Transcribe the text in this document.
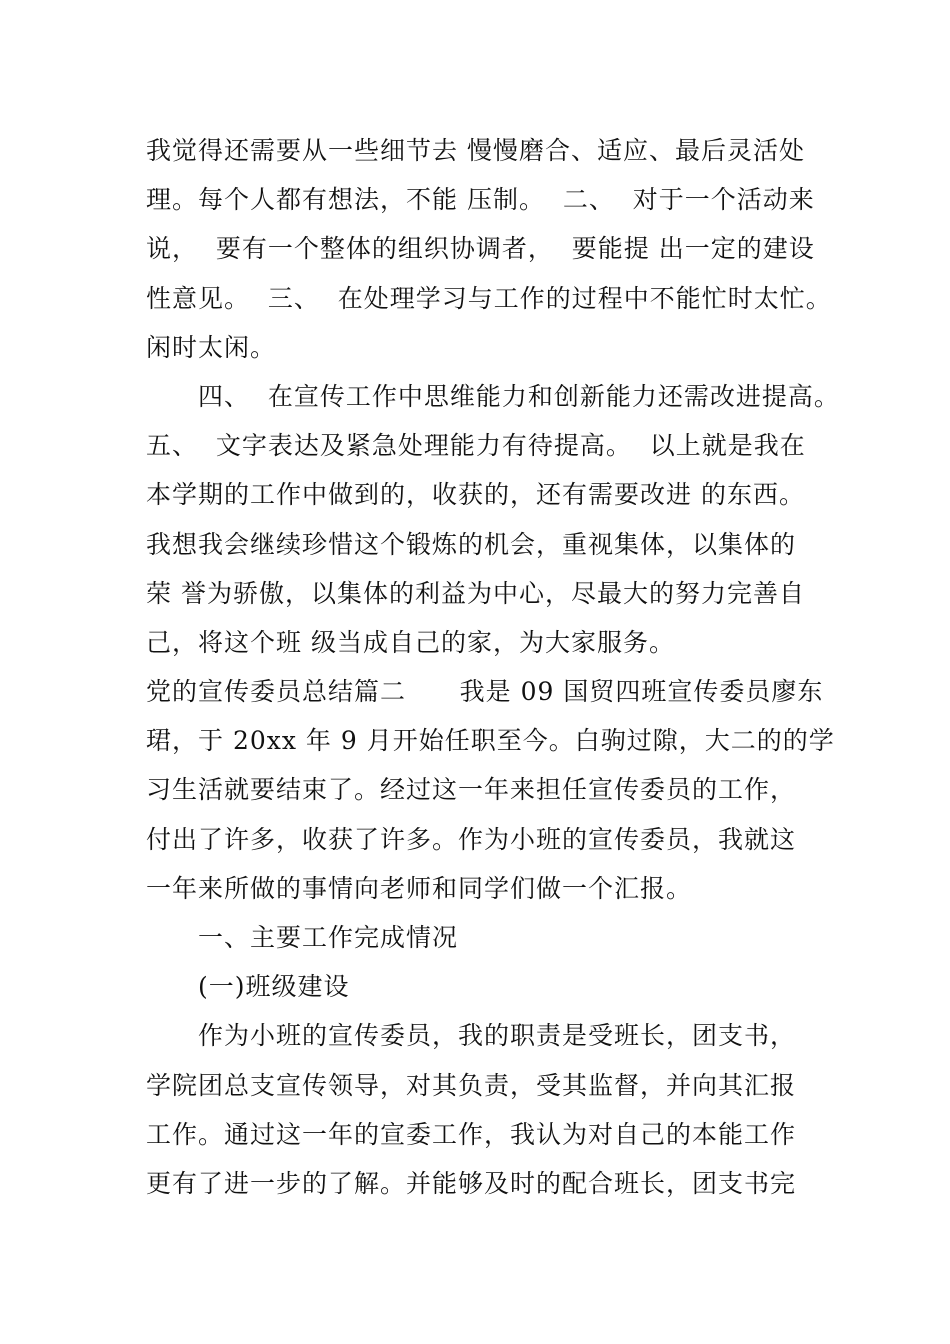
我觉得还需要从一些细节去 慢慢磨合、适应、最后灵活处
理。每个人都有想法，不能 压制。  二、  对于一个活动来
说，  要有一个整体的组织协调者，  要能提 出一定的建设
性意见。  三、  在处理学习与工作的过程中不能忙时太忙。
闲时太闲。
四、  在宣传工作中思维能力和创新能力还需改进提高。
五、  文字表达及紧急处理能力有待提高。  以上就是我在
本学期的工作中做到的，收获的，还有需要改进 的东西。
我想我会继续珍惜这个锻炼的机会，重视集体，以集体的
荣 誉为骄傲，以集体的利益为中心，尽最大的努力完善自
己，将这个班 级当成自己的家，为大家服务。
党的宣传委员总结篇二      我是 09 国贸四班宣传委员廖东
珺，于 20xx 年 9 月开始任职至今。白驹过隙，大二的的学
习生活就要结束了。经过这一年来担任宣传委员的工作，
付出了许多，收获了许多。作为小班的宣传委员，我就这
一年来所做的事情向老师和同学们做一个汇报。
一、主要工作完成情况
(一)班级建设
作为小班的宣传委员，我的职责是受班长，团支书，
学院团总支宣传领导，对其负责，受其监督，并向其汇报
工作。通过这一年的宣委工作，我认为对自己的本能工作
更有了进一步的了解。并能够及时的配合班长，团支书完
